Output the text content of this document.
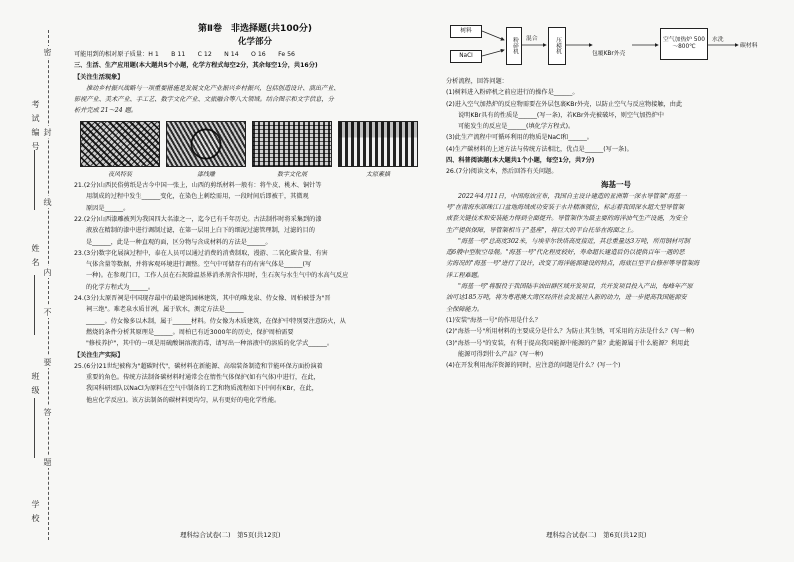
考试编号
姓名
班级
学校
密
封
线
内
不
要
答
题

第Ⅱ卷　非选择题(共100分)

化学部分

可能用到的相对原子质量：H 1　　B 11　　C 12　　N 14　　O 16　　Fe 56

三、生活、生产应用题(本大题共5个小题，化学方程式每空2分，其余每空1分，共16分)

【关注生活现象】

推动乡村振兴战略与一项重要措施是发展文化产业振兴乡村振兴，包括创造设计、演出产业、

影视产业、美术产业、手工艺、数字文化产业、文旅融合等八大领域。结合图示和文字信息，分

析并完成 21～24 题。

夜风特装	漆线雕	数字文化展	太原素描

21.(2分)山西民俗剪纸是古今中国一张上，山西的剪纸材料一般有：将牛皮、桃木、铜针等

用制成的过程中发生______变化，在染色上刺绘需用，一段时间后即被干，其微观

原因是______。

22.(2分)山西漆雕被列为我国四大名漆之一，迄今已有千年历史。古法制作时将采集到的漆

液放在精制的漆中进行调制过滤，在第一层用上白下的细泥过滤管理制，过滤的目的

是______，此是一种直观的面，区分物与含成材料的方法是______。

23.(3分)数字化展演过程中，泰在人员可以通过消费的消费制取，漫游、二氧化碳含量、有害

气体含量等数据，并将客观环境进行调整。空气中可储存有的有害气体是______(写

一种)。在参观门口，工作人员在石灰除温基界消杀剂含作用时，生石灰与水生气中的水高气反应

的化学方程式为______。

24.(3分)太原晋祠是中国现存最中的最建筑园林建筑，其中的唯龙泉、侍女像、周柏被誉为"晋

祠三绝"。难老泉水质甘冽，属于软水，测定方法是______

______。侍女像多以木制，属于______材料。侍女像为木质建筑，在保护中特别要注意防火，从

燃烧的条件分析其原理是______。周柏已有近3000年的历史，保护周柏需要

"修枝养护"，其中的一项是用硫酸铜溶液消毒，请写出一种溶液中的溶质的化学式______。

【关注生产实际】

25.(6分)21世纪被称为"超碳时代"，碳材料在新能源、高端装备制造和节能环保方面扮演着

重要的角色。传统方法制备碳材料时通常会在惰性气体保护(如有气体)中进行，在此，

我国科研团队以NaCl为原料在空气中制备的工艺和物质流程如下(中间有KBr，在此，

他应化学反应)。该方法制备的碳材料更均匀，从有更好的电化学性能。

理科综合试卷(二)　第5页(共12页)
树料
NaCl
粉碎机	混合	压模机	包覆KBr外壳
空气加热炉 500～800℃
水洗
碳材料

分析流程，回答问题：

(1)树料进入粉碎机之前应进行的操作是______。

(2)进入空气加热炉的反应物需要在外层包裹KBr外壳，以防止空气与反应物接触，由此

说明KBr具有的性质是______(写一条)，若KBr外壳被破坏，则空气加热炉中

可能发生的反应是______(填化学方程式)。

(3)此生产流程中可循环利用的物质是NaCl和______。

(4)生产碳材料的上述方法与传统方法相比，优点是______(写一条)。

四、科普阅读题(本大题共1个小题，每空1分，共7分)

26.(7分)阅读文本，然后回答有关问题。

海基一号

2022年4月11日，中国海油宣布，我国自主设计建造的亚洲第一深水导管架"海基一

号"在南海东部珠江口盆地海域成功安装于水井精准就位，标志着我国深水超大型导管架

成套关键技术和安装能力得到全面提升。导管架作为最主要的海洋油气生产设施，为安全

生产提供保障，导管架相当于"基座"，将巨大的平台托举在海面之上。

"海基一号"总高度302米，与埃菲尔铁塔高度接近，其总重量达3万吨，所用钢材可制

造6艘中型航空母舰。"海基一号"代化程度较好，寿命超长建造后仍以提供百年一遇的恶

劣海况的"海基一号"进行了设计，改变了海洋能源建设的特点，海底巨型平台修形等导管架海

洋工程难题。

"海基一号"将服役于我国陆丰油田群区域开发项目，共开发项目投入产出，每峰年产原

油可达185万吨，将为粤港澳大湾区经济社会发展注入新的动力，进一步提高我国能源安

全保障能力。

(1)安装"海基一号"的作用是什么？

(2)"海基一号"所用材料的主要成分是什么？为防止其生锈，可采用的方法是什么？(写一种)

(3)"海基一号"的安装，有利于提高我国能源中能源的产量？此能源属于什么能源？利用此

能源可得到什么产品？(写一种)

(4)在开发利用海洋资源的同时，应注意的问题是什么？(写一个)

理科综合试卷(二)　第6页(共12页)
